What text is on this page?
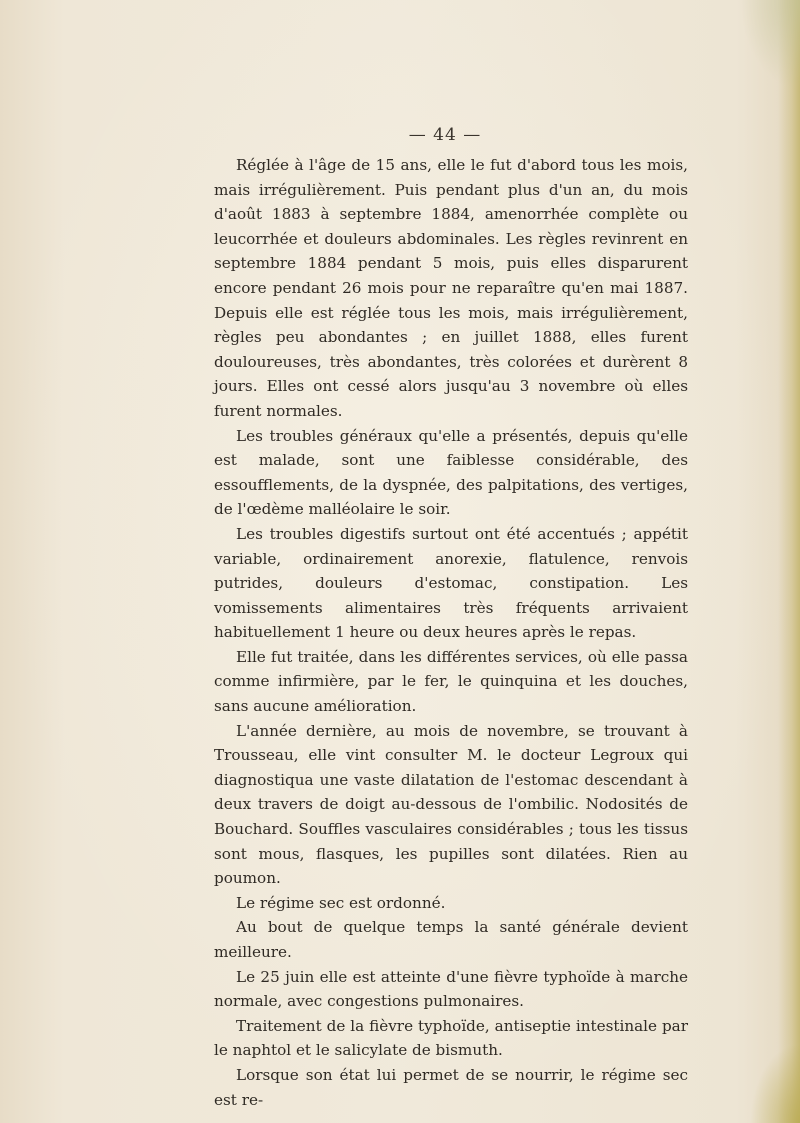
— 44 —

Réglée à l'âge de 15 ans, elle le fut d'abord tous les mois, mais irrégulièrement. Puis pendant plus d'un an, du mois d'août 1883 à septembre 1884, amenorrhée complète ou leucorrhée et douleurs abdominales. Les règles revinrent en septembre 1884 pendant 5 mois, puis elles disparurent encore pendant 26 mois pour ne reparaître qu'en mai 1887. Depuis elle est réglée tous les mois, mais irrégulièrement, règles peu abondantes ; en juillet 1888, elles furent douloureuses, très abondantes, très colorées et durèrent 8 jours. Elles ont cessé alors jusqu'au 3 novembre où elles furent normales.

Les troubles généraux qu'elle a présentés, depuis qu'elle est malade, sont une faiblesse considérable, des essoufflements, de la dyspnée, des palpitations, des vertiges, de l'œdème malléolaire le soir.

Les troubles digestifs surtout ont été accentués ; appétit variable, ordinairement anorexie, flatulence, renvois putrides, douleurs d'estomac, constipation. Les vomissements alimentaires très fréquents arrivaient habituellement 1 heure ou deux heures après le repas.

Elle fut traitée, dans les différentes services, où elle passa comme infirmière, par le fer, le quinquina et les douches, sans aucune amélioration.

L'année dernière, au mois de novembre, se trouvant à Trousseau, elle vint consulter M. le docteur Legroux qui diagnostiqua une vaste dilatation de l'estomac descendant à deux travers de doigt au-dessous de l'ombilic. Nodosités de Bouchard. Souffles vasculaires considérables ; tous les tissus sont mous, flasques, les pupilles sont dilatées. Rien au poumon.

Le régime sec est ordonné.

Au bout de quelque temps la santé générale devient meilleure.

Le 25 juin elle est atteinte d'une fièvre typhoïde à marche normale, avec congestions pulmonaires.

Traitement de la fièvre typhoïde, antiseptie intestinale par le naphtol et le salicylate de bismuth.

Lorsque son état lui permet de se nourrir, le régime sec est re-
